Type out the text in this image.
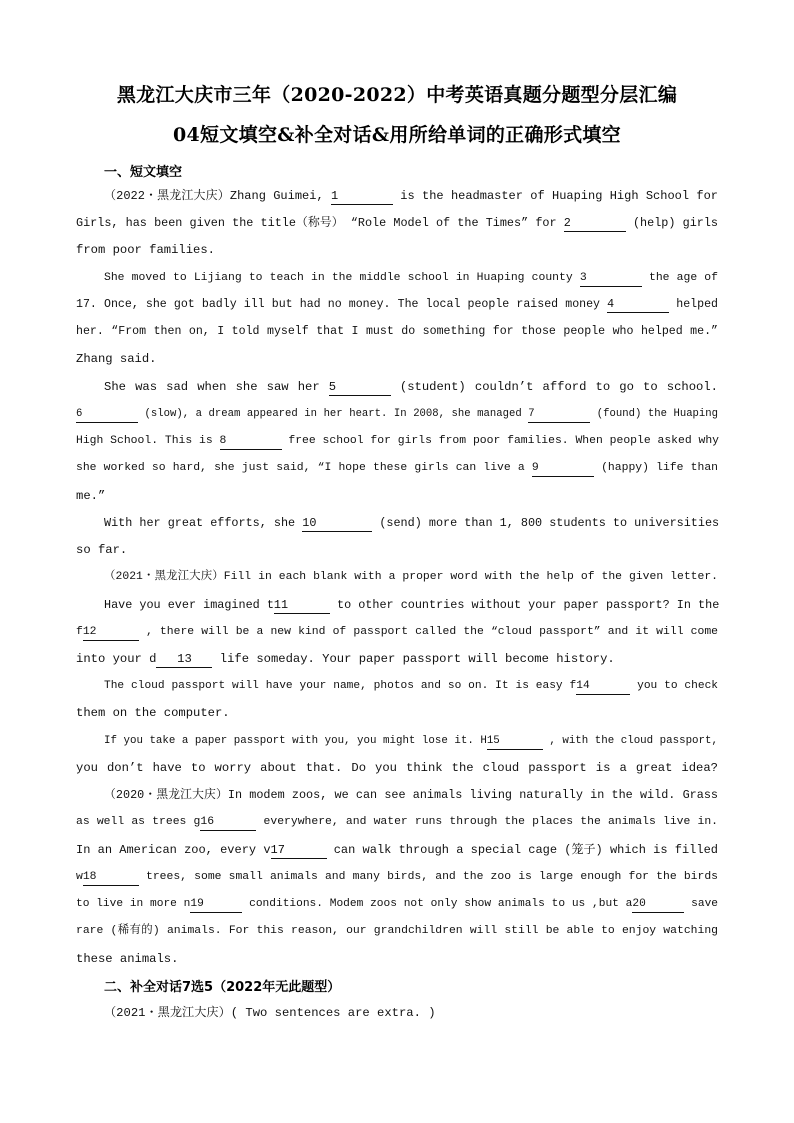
黑龙江大庆市三年（2020-2022）中考英语真题分题型分层汇编
04短文填空&补全对话&用所给单词的正确形式填空
一、短文填空
（2022・黑龙江大庆）Zhang Guimei, 1	is the headmaster of Huaping High School for
Girls, has been given the title（称号） “Role Model of the Times” for 2	(help) girls
from poor families.
She moved to Lijiang to teach in the middle school in Huaping county 3	the age of
17. Once, she got badly ill but had no money. The local people raised money 4	helped
her. “From then on, I told myself that I must do something for those people who helped me.”
Zhang said.
She was sad when she saw her 5	(student) couldn’t afford to go to school.
6	(slow), a dream appeared in her heart. In 2008, she managed 7	(found) the Huaping
High School. This is 8	free school for girls from poor families. When people asked why
she worked so hard, she just said, “I hope these girls can live a 9	(happy) life than
me.”
With her great efforts, she 10	(send) more than 1, 800 students to universities
so far.
（2021・黑龙江大庆）Fill in each blank with a proper word with the help of the given letter.
Have you ever imagined t11	to other countries without your paper passport? In the
f12	, there will be a new kind of passport called the “cloud passport” and it will come
into your d 13 life someday. Your paper passport will become history.
The cloud passport will have your name, photos and so on. It is easy f14	you to check
them on the computer.
If you take a paper passport with you, you might lose it. H15	, with the cloud passport,
you don’t have to worry about that. Do you think the cloud passport is a great idea?
（2020・黑龙江大庆）In modem zoos, we can see animals living naturally in the wild. Grass
as well as trees g16	everywhere, and water runs through the places the animals live in.
In an American zoo, every v17	can walk through a special cage (笼子) which is filled
w18	trees, some small animals and many birds, and the zoo is large enough for the birds
to live in more n19	conditions. Modem zoos not only show animals to us ,but a20	save
rare (稀有的) animals. For this reason, our grandchildren will still be able to enjoy watching
these animals.
二、补全对话7选5（2022年无此题型）
（2021・黑龙江大庆）( Two sentences are extra. )
